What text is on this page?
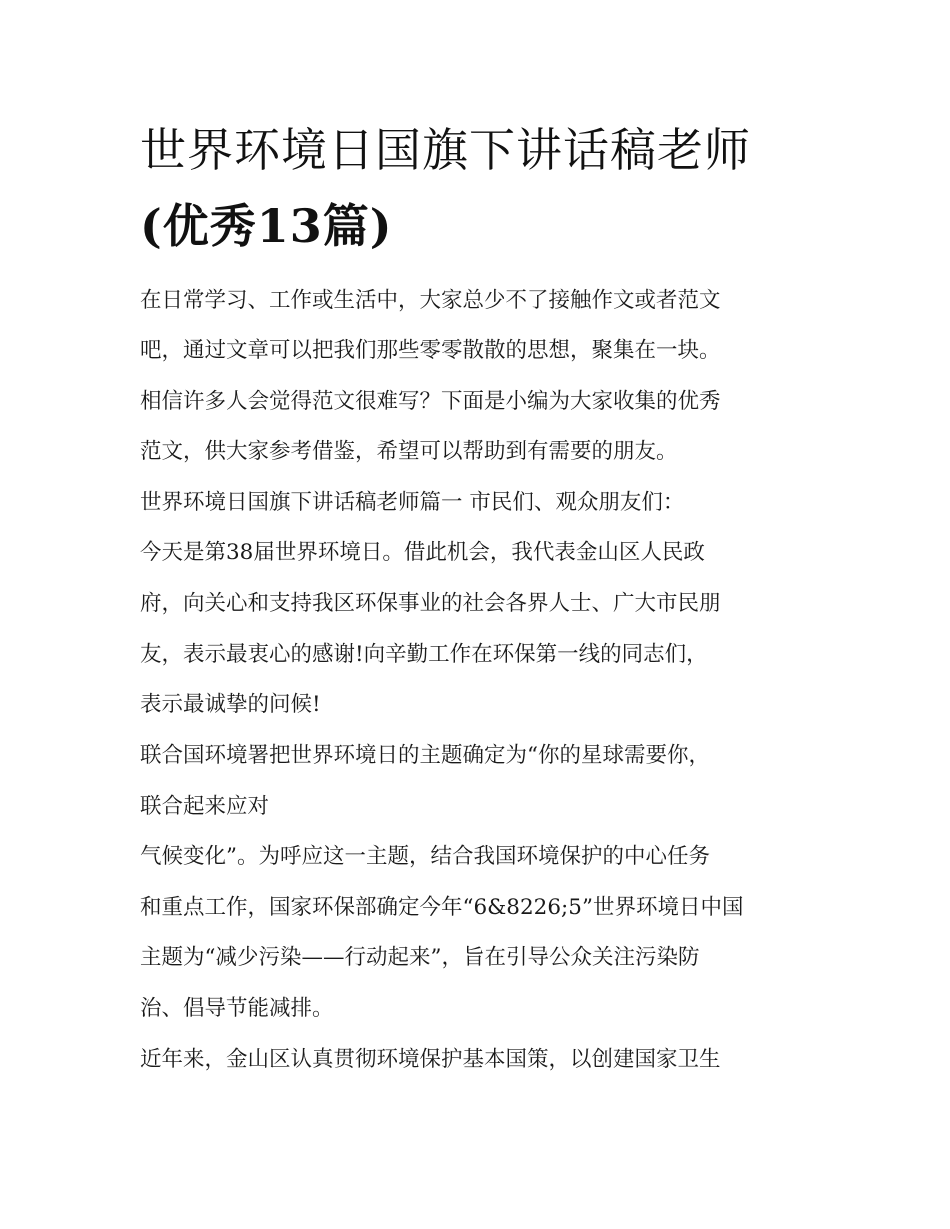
世界环境日国旗下讲话稿老师
(优秀13篇)
在日常学习、工作或生活中，大家总少不了接触作文或者范文
吧，通过文章可以把我们那些零零散散的思想，聚集在一块。
相信许多人会觉得范文很难写？下面是小编为大家收集的优秀
范文，供大家参考借鉴，希望可以帮助到有需要的朋友。
世界环境日国旗下讲话稿老师篇一 市民们、观众朋友们：
今天是第38届世界环境日。借此机会，我代表金山区人民政
府，向关心和支持我区环保事业的社会各界人士、广大市民朋
友，表示最衷心的感谢!向辛勤工作在环保第一线的同志们，
表示最诚挚的问候!
联合国环境署把世界环境日的主题确定为“你的星球需要你，
联合起来应对
气候变化”。为呼应这一主题，结合我国环境保护的中心任务
和重点工作，国家环保部确定今年“6&8226;5”世界环境日中国
主题为“减少污染——行动起来”，旨在引导公众关注污染防
治、倡导节能减排。
近年来，金山区认真贯彻环境保护基本国策，以创建国家卫生
